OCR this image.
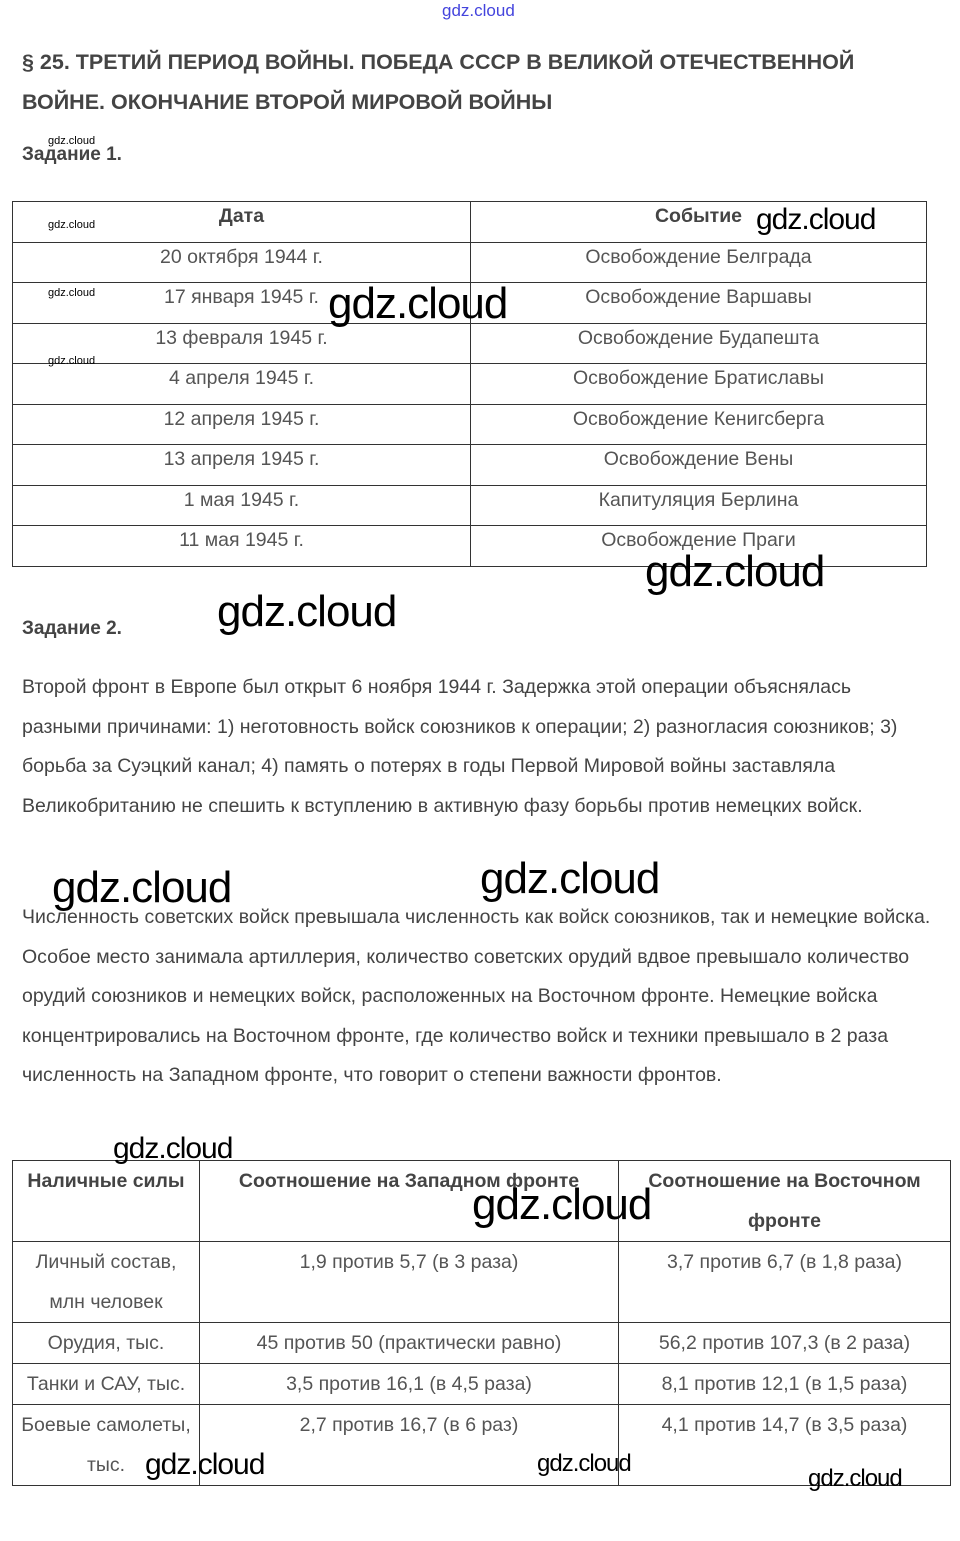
§ 25. ТРЕТИЙ ПЕРИОД ВОЙНЫ. ПОБЕДА СССР В ВЕЛИКОЙ ОТЕЧЕСТВЕННОЙ ВОЙНЕ. ОКОНЧАНИЕ ВТОРОЙ МИРОВОЙ ВОЙНЫ
Задание 1.
Дата	Событие
20 октября 1944 г.	Освобождение Белграда
17 января 1945 г.	Освобождение Варшавы
13 февраля 1945 г.	Освобождение Будапешта
4 апреля 1945 г.	Освобождение Братиславы
12 апреля 1945 г.	Освобождение Кенигсберга
13 апреля 1945 г.	Освобождение Вены
1 мая 1945 г.	Капитуляция Берлина
11 мая 1945 г.	Освобождение Праги
Задание 2.
Второй фронт в Европе был открыт 6 ноября 1944 г. Задержка этой операции объяснялась разными причинами: 1) неготовность войск союзников к операции; 2) разногласия союзников; 3) борьба за Суэцкий канал; 4) память о потерях в годы Первой Мировой войны заставляла Великобританию не спешить к вступлению в активную фазу борьбы против немецких войск.
Численность советских войск превышала численность как войск союзников, так и немецкие войска. Особое место занимала артиллерия, количество советских орудий вдвое превышало количество орудий союзников и немецких войск, расположенных на Восточном фронте. Немецкие войска концентрировались на Восточном фронте, где количество войск и техники превышало в 2 раза численность на Западном фронте, что говорит о степени важности фронтов.
Наличные силы	Соотношение на Западном фронте	Соотношение на Восточном фронте
Личный состав, млн человек	1,9 против 5,7 (в 3 раза)	3,7 против 6,7 (в 1,8 раза)
Орудия, тыс.	45 против 50 (практически равно)	56,2 против 107,3 (в 2 раза)
Танки и САУ, тыс.	3,5 против 16,1 (в 4,5 раза)	8,1 против 12,1 (в 1,5 раза)
Боевые самолеты, тыс.	2,7 против 16,7 (в 6 раз)	4,1 против 14,7 (в 3,5 раза)
gdz.cloud
gdz.cloud
gdz.cloud
gdz.cloud
gdz.cloud
gdz.cloud
gdz.cloud
gdz.cloud
gdz.cloud
gdz.cloud	gdz.cloud
gdz.cloud
gdz.cloud
gdz.cloud	gdz.cloud
gdz.cloud
